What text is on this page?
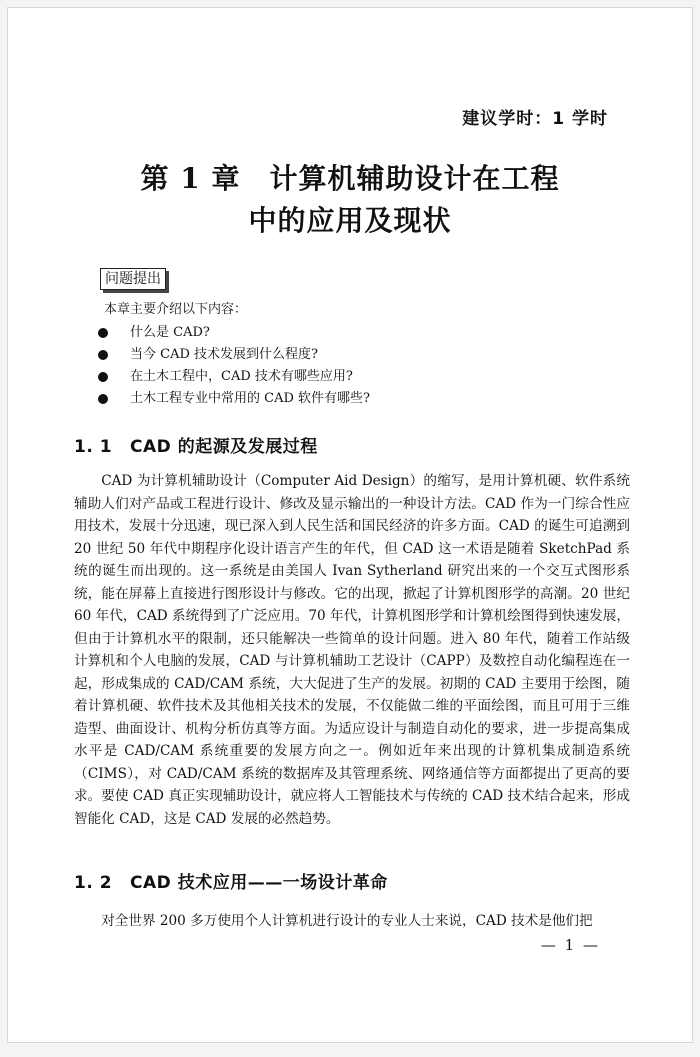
建议学时：1 学时
第 1 章　计算机辅助设计在工程
中的应用及现状
问题提出
本章主要介绍以下内容：
什么是 CAD?
当今 CAD 技术发展到什么程度?
在土木工程中，CAD 技术有哪些应用?
土木工程专业中常用的 CAD 软件有哪些?
1. 1 CAD 的起源及发展过程

CAD 为计算机辅助设计（Computer Aid Design）的缩写，是用计算机硬、软件系统辅助人们对产品或工程进行设计、修改及显示输出的一种设计方法。CAD 作为一门综合性应用技术，发展十分迅速，现已深入到人民生活和国民经济的许多方面。CAD 的诞生可追溯到 20 世纪 50 年代中期程序化设计语言产生的年代，但 CAD 这一术语是随着 SketchPad 系统的诞生而出现的。这一系统是由美国人 Ivan Sytherland 研究出来的一个交互式图形系统，能在屏幕上直接进行图形设计与修改。它的出现，掀起了计算机图形学的高潮。20 世纪 60 年代，CAD 系统得到了广泛应用。70 年代，计算机图形学和计算机绘图得到快速发展，但由于计算机水平的限制，还只能解决一些简单的设计问题。进入 80 年代，随着工作站级计算机和个人电脑的发展，CAD 与计算机辅助工艺设计（CAPP）及数控自动化编程连在一起，形成集成的 CAD/CAM 系统，大大促进了生产的发展。初期的 CAD 主要用于绘图，随着计算机硬、软件技术及其他相关技术的发展，不仅能做二维的平面绘图，而且可用于三维造型、曲面设计、机构分析仿真等方面。为适应设计与制造自动化的要求，进一步提高集成水平是 CAD/CAM 系统重要的发展方向之一。例如近年来出现的计算机集成制造系统（CIMS），对 CAD/CAM 系统的数据库及其管理系统、网络通信等方面都提出了更高的要求。要使 CAD 真正实现辅助设计，就应将人工智能技术与传统的 CAD 技术结合起来，形成智能化 CAD，这是 CAD 发展的必然趋势。

1. 2 CAD 技术应用——一场设计革命

对全世界 200 多万使用个人计算机进行设计的专业人士来说，CAD 技术是他们把

— 1 —
